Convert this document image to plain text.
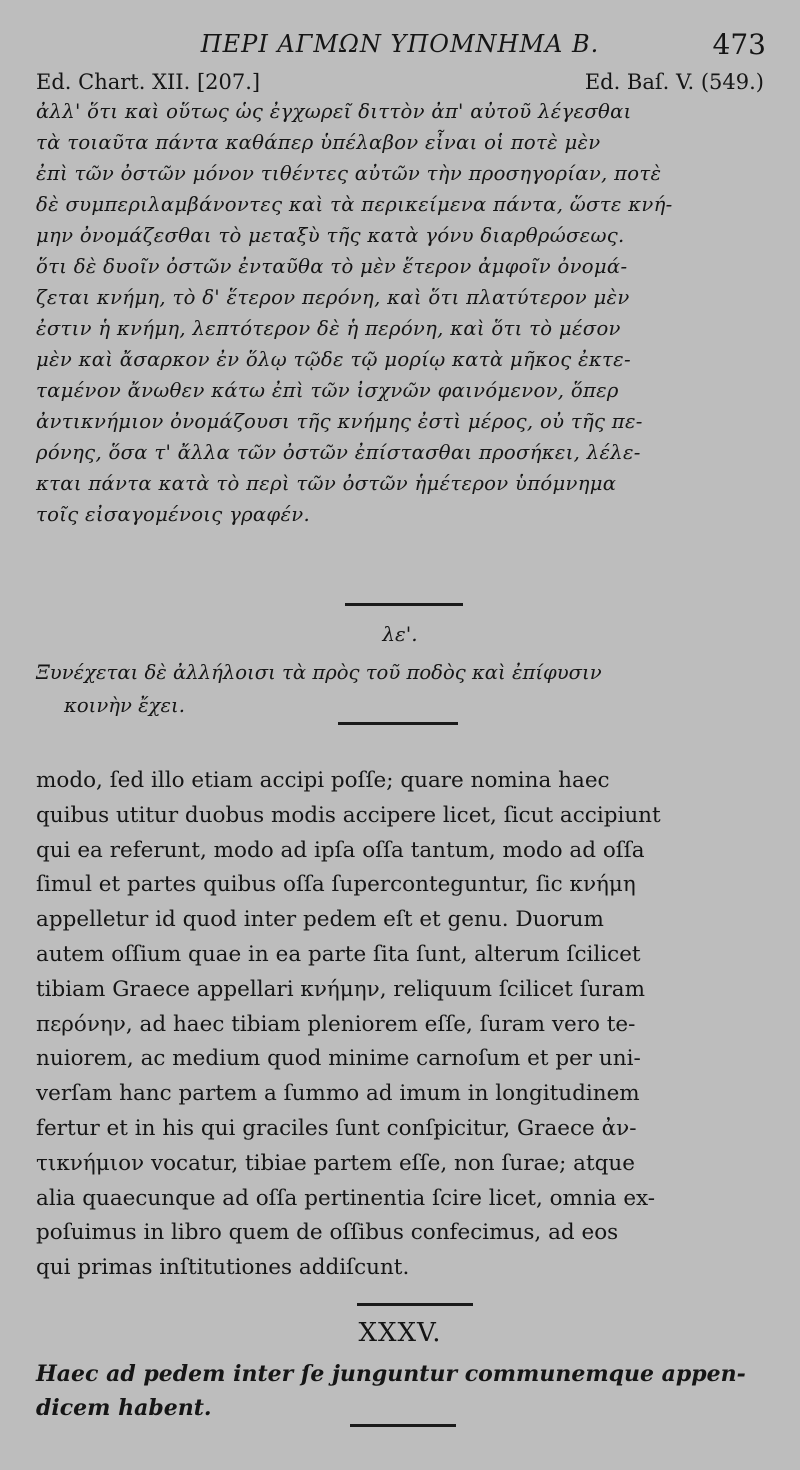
ΠΕΡΙ ΑΓΜΩΝ ΥΠΟΜΝΗΜΑ Β.	473
Ed. Chart. XII. [207.]	Ed. Baſ. V. (549.)
ἀλλ' ὅτι καὶ οὕτως ὡς ἐγχωρεῖ διττὸν ἀπ' αὐτοῦ λέγεσθαι
τὰ τοιαῦτα πάντα καθάπερ ὑπέλαβον εἶναι οἱ ποτὲ μὲν
ἐπὶ τῶν ὀστῶν μόνον τιθέντες αὐτῶν τὴν προσηγορίαν, ποτὲ
δὲ συμπεριλαμβάνοντες καὶ τὰ περικείμενα πάντα, ὥστε κνή-
μην ὀνομάζεσθαι τὸ μεταξὺ τῆς κατὰ γόνυ διαρθρώσεως.
ὅτι δὲ δυοῖν ὀστῶν ἐνταῦθα τὸ μὲν ἕτερον ἀμφοῖν ὀνομά-
ζεται κνήμη, τὸ δ' ἕτερον περόνη, καὶ ὅτι πλατύτερον μὲν
ἐστιν ἡ κνήμη, λεπτότερον δὲ ἡ περόνη, καὶ ὅτι τὸ μέσον
μὲν καὶ ἄσαρκον ἐν ὅλῳ τῷδε τῷ μορίῳ κατὰ μῆκος ἐκτε-
ταμένον ἄνωθεν κάτω ἐπὶ τῶν ἰσχνῶν φαινόμενον, ὅπερ
ἀντικνήμιον ὀνομάζουσι τῆς κνήμης ἐστὶ μέρος, οὐ τῆς πε-
ρόνης, ὅσα τ' ἄλλα τῶν ὀστῶν ἐπίστασθαι προσήκει, λέλε-
κται πάντα κατὰ τὸ περὶ τῶν ὀστῶν ἡμέτερον ὑπόμνημα
τοῖς εἰσαγομένοις γραφέν.
λε'.
Ξυνέχεται δὲ ἀλλήλοισι τὰ πρὸς τοῦ ποδὸς καὶ ἐπίφυσιν
κοινὴν ἔχει.
modo, ſed illo etiam accipi poſſe; quare nomina haec
quibus utitur duobus modis accipere licet, ſicut accipiunt
qui ea referunt, modo ad ipſa oſſa tantum, modo ad oſſa
ſimul et partes quibus oſſa ſuperconteguntur, ſic κνήμη
appelletur id quod inter pedem eſt et genu. Duorum
autem oſſium quae in ea parte ſita ſunt, alterum ſcilicet
tibiam Graece appellari κνήμην, reliquum ſcilicet ſuram
περόνην, ad haec tibiam pleniorem eſſe, ſuram vero te-
nuiorem, ac medium quod minime carnoſum et per uni-
verſam hanc partem a ſummo ad imum in longitudinem
fertur et in his qui graciles ſunt conſpicitur, Graece ἀν-
τικνήμιον vocatur, tibiae partem eſſe, non ſurae; atque
alia quaecunque ad oſſa pertinentia ſcire licet, omnia ex-
poſuimus in libro quem de oſſibus confecimus, ad eos
qui primas inſtitutiones addiſcunt.
XXXV.
Haec ad pedem inter ſe junguntur communemque appen-
dicem habent.
